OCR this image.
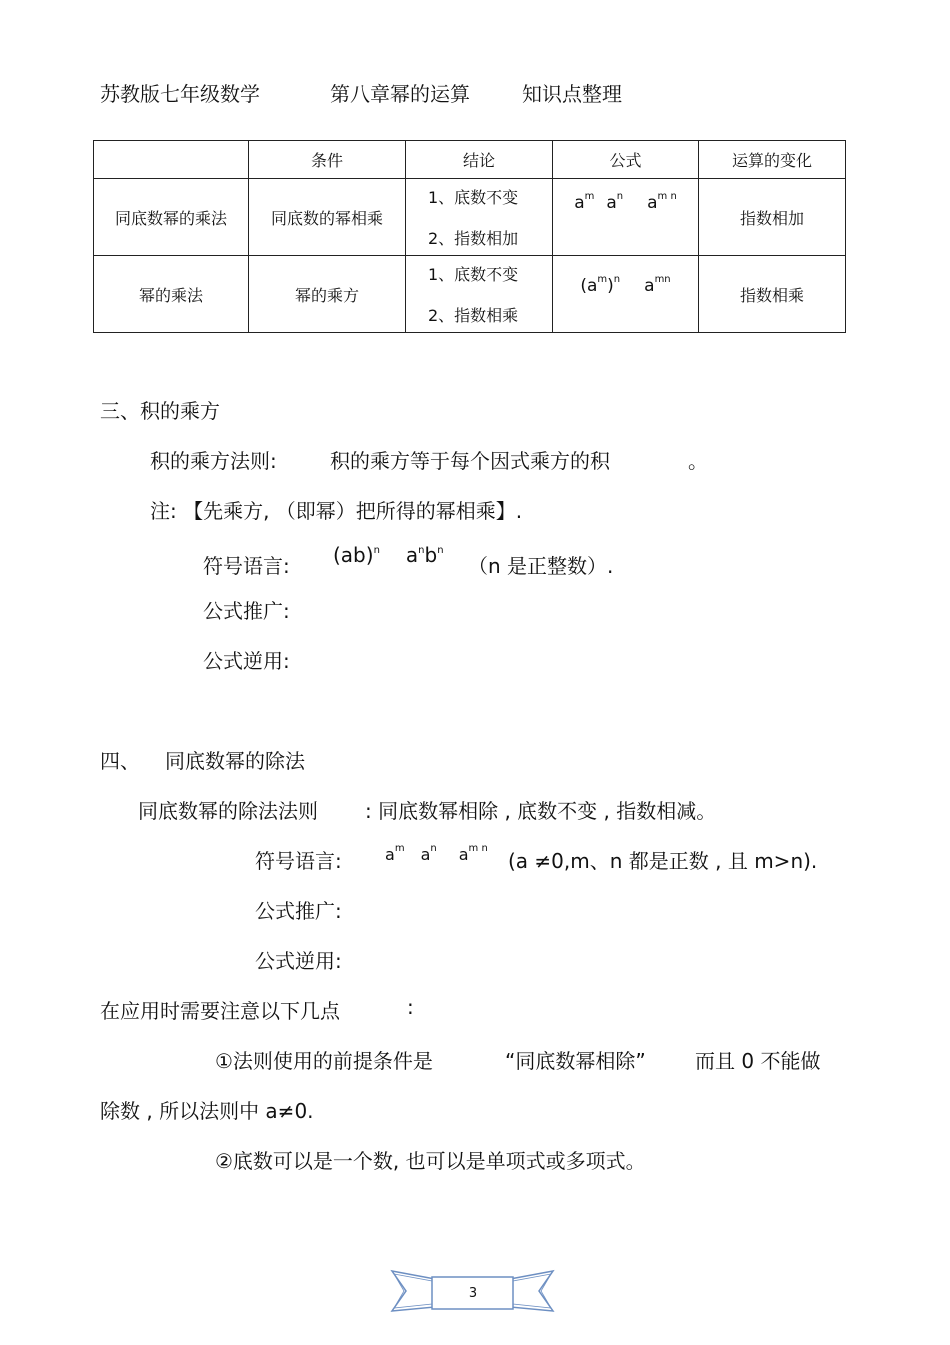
苏教版七年级数学	第八章幂的运算	知识点整理
	条件	结论	公式	运算的变化
同底数幂的乘法	同底数的幂相乘	1、底数不变
2、指数相加	$a^m$ $a^n$ $a^{m n}$	指数相加
幂的乘法	幂的乘方	1、底数不变
2、指数相乘	$(a^m)^n$ $a^{mn}$	指数相乘
三、积的乘方
积的乘方法则:	积的乘方等于每个因式乘方的积	。
注: 【先乘方, （即幂）把所得的幂相乘】.
符号语言: (ab)$^n$ $a^nb^n$
（n 是正整数）.
公式推广:
公式逆用:
四、 同底数幂的除法
同底数幂的除法法则 : 同底数幂相除 , 底数不变 , 指数相减。
符号语言:	$a^m$ $a^n$ $a^{m n}$
(a ≠0,m、n 都是正数 , 且 m>n).
公式推广:
公式逆用:
在应用时需要注意以下几点	:
①法则使用的前提条件是	“同底数幂相除” 而且 0 不能做
除数 , 所以法则中 a≠0.
②底数可以是一个数, 也可以是单项式或多项式。
3
